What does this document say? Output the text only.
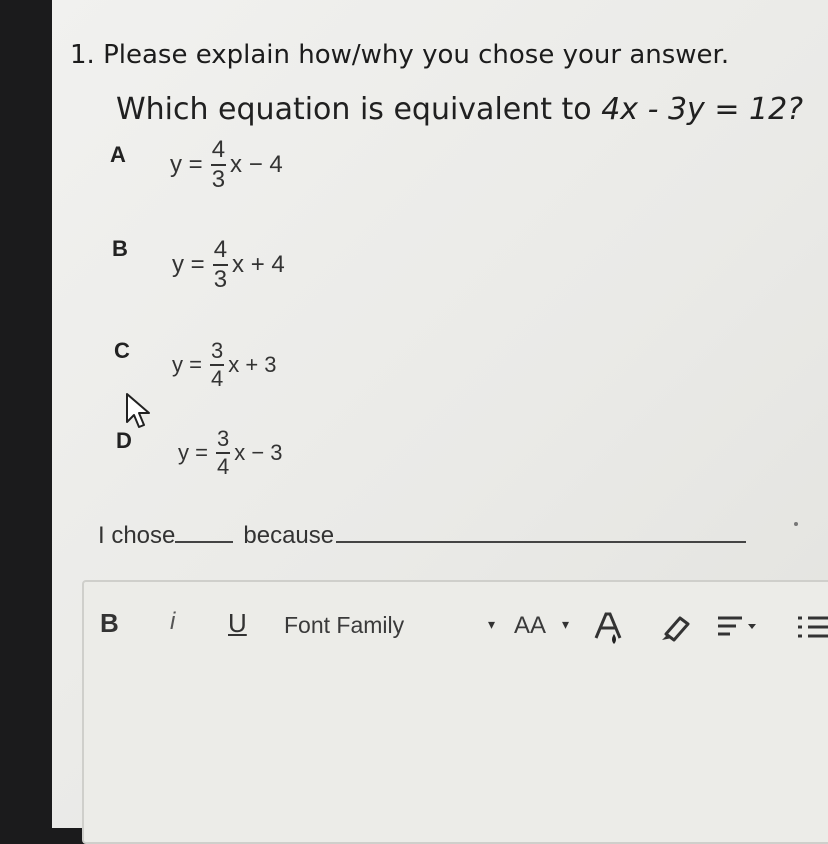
1. Please explain how/why you chose your answer.
Which equation is equivalent to 4x - 3y = 12?
A $y = \frac{4}{3}$ x − 4
B
$y = \frac{4}{3}$ x + 4
C
$y = \frac{3}{4}$ x + 3
D $y = \frac{3}{4}$ x − 3
I chose	because
B i U Font Family	▾ AA ▾
